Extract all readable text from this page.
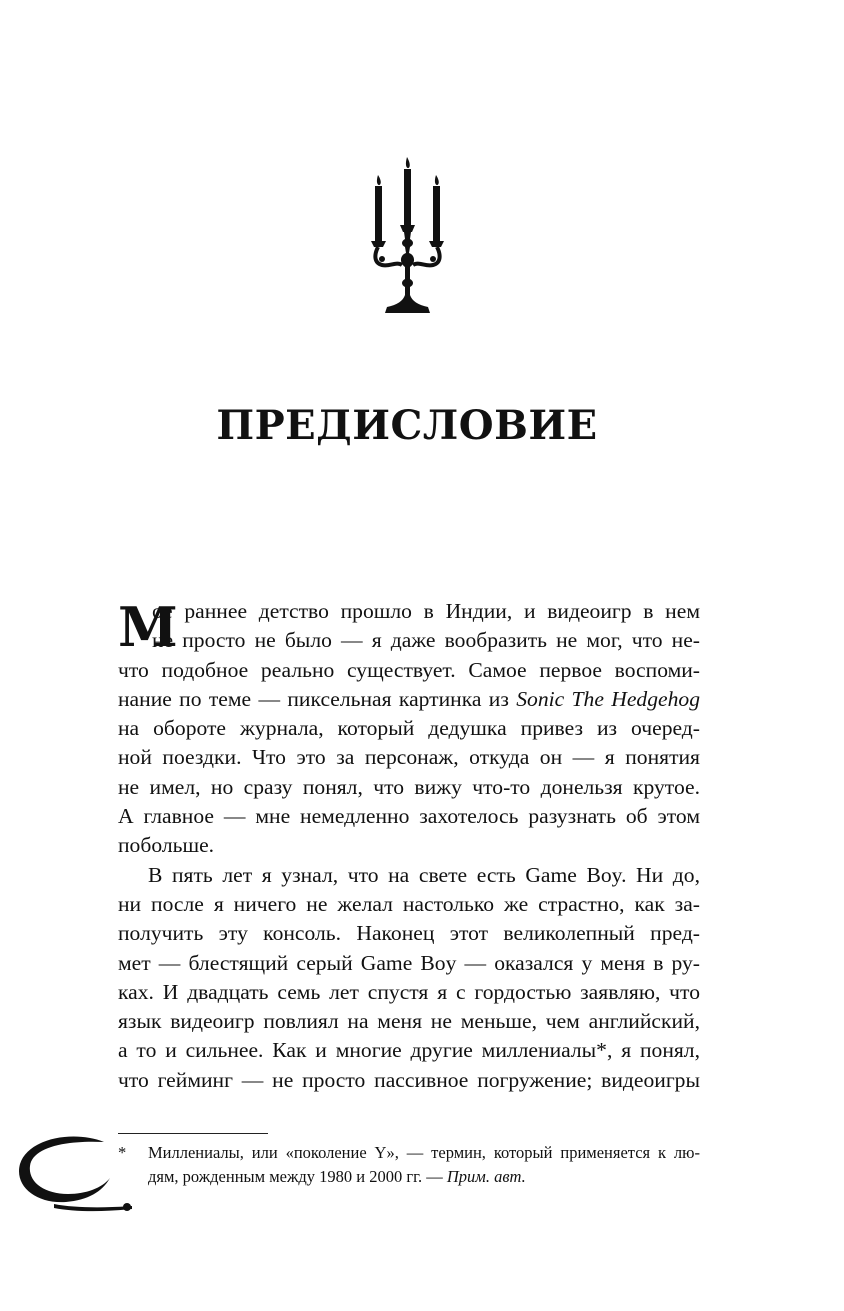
ПРЕДИСЛОВИЕ
М
ое раннее детство прошло в Индии, и видеоигр в нем
не просто не было — я даже вообразить не мог, что не-
что подобное реально существует. Самое первое воспоми-
нание по теме — пиксельная картинка из Sonic The Hedgehog
на обороте журнала, который дедушка привез из очеред-
ной поездки. Что это за персонаж, откуда он — я понятия
не имел, но сразу понял, что вижу что-то донельзя крутое.
А главное — мне немедленно захотелось разузнать об этом
побольше.
В пять лет я узнал, что на свете есть Game Boy. Ни до,
ни после я ничего не желал настолько же страстно, как за-
получить эту консоль. Наконец этот великолепный пред-
мет — блестящий серый Game Boy — оказался у меня в ру-
ках. И двадцать семь лет спустя я с гордостью заявляю, что
язык видеоигр повлиял на меня не меньше, чем английский,
а то и сильнее. Как и многие другие миллениалы*, я понял,
что гейминг — не просто пассивное погружение; видеоигры
*	Миллениалы, или «поколение Y», — термин, который применяется к лю-
дям, рожденным между 1980 и 2000 гг. — Прим. авт.
